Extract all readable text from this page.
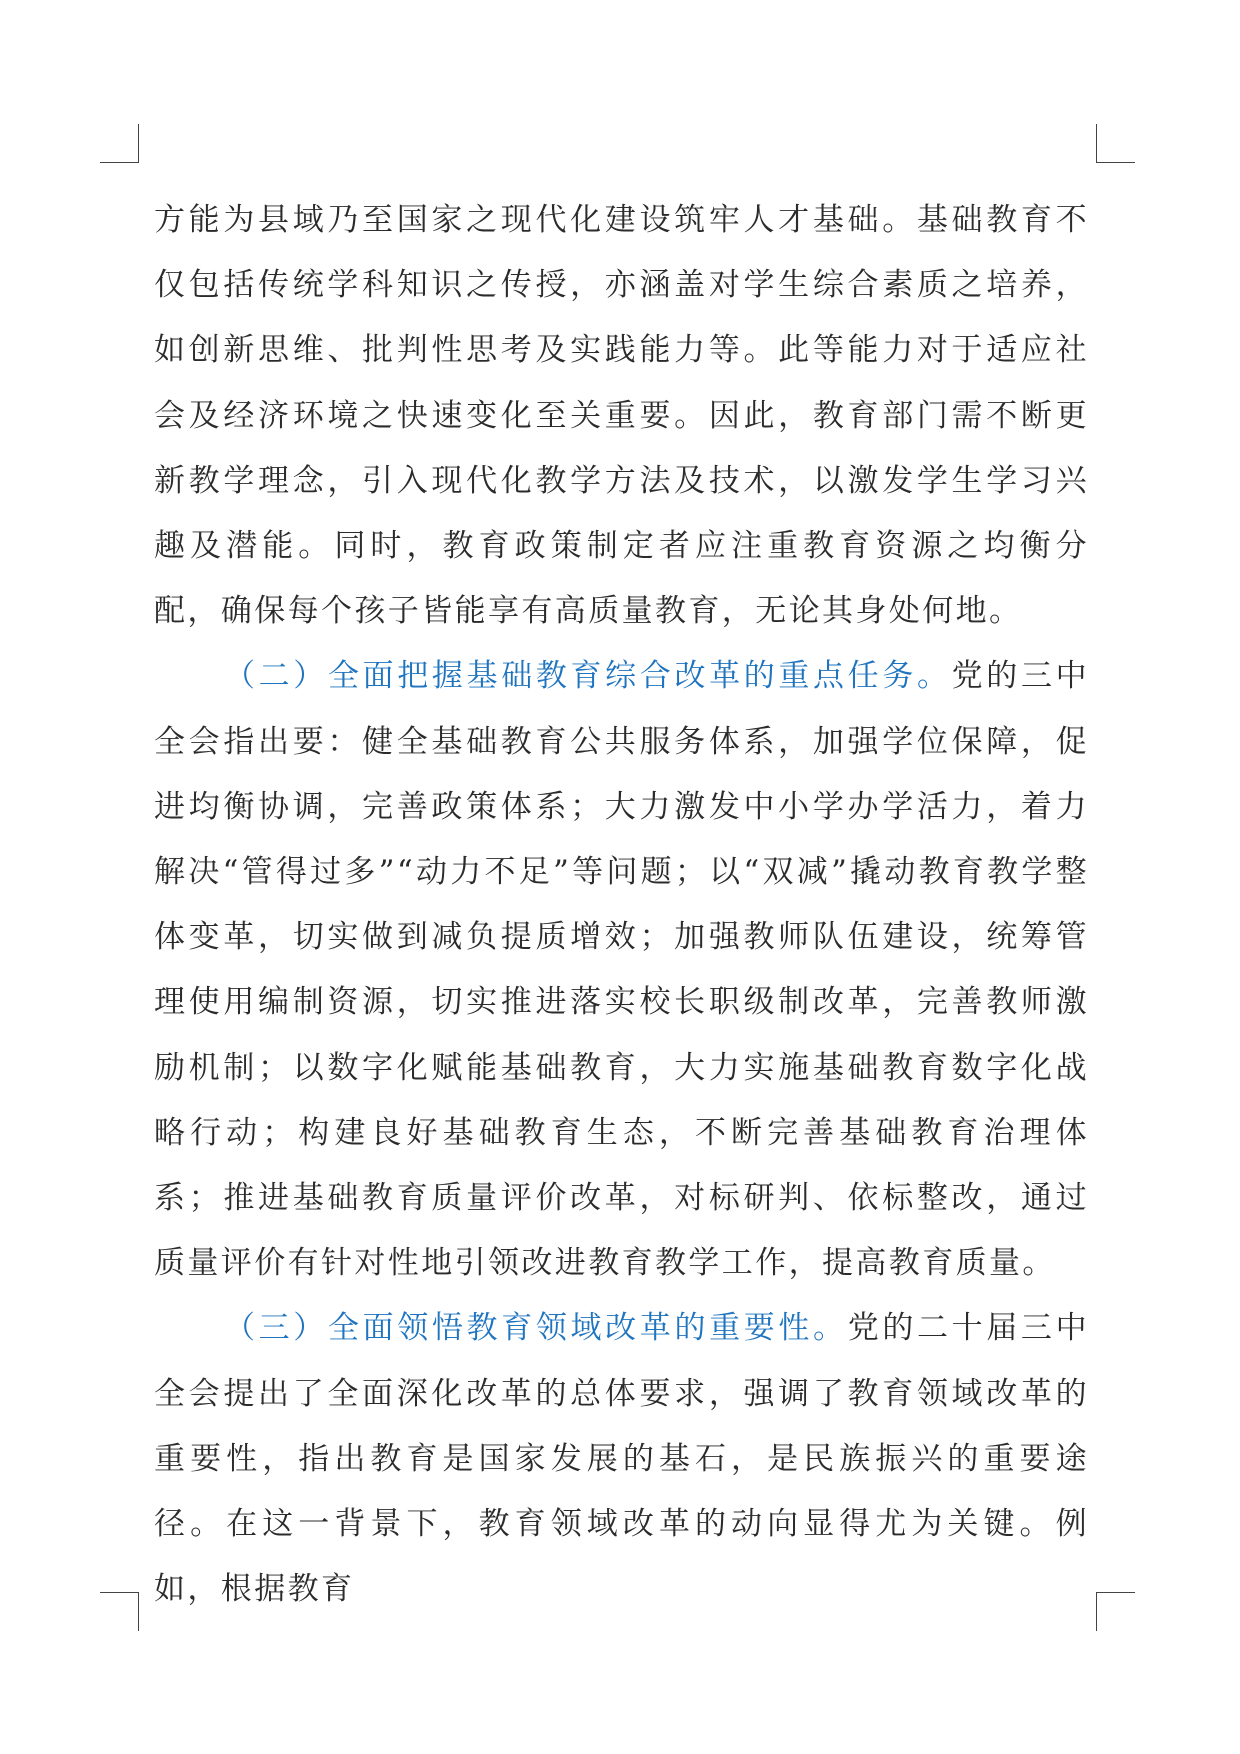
方能为县域乃至国家之现代化建设筑牢人才基础。基础教育不仅包括传统学科知识之传授，亦涵盖对学生综合素质之培养，如创新思维、批判性思考及实践能力等。此等能力对于适应社会及经济环境之快速变化至关重要。因此，教育部门需不断更新教学理念，引入现代化教学方法及技术，以激发学生学习兴趣及潜能。同时，教育政策制定者应注重教育资源之均衡分配，确保每个孩子皆能享有高质量教育，无论其身处何地。

（二）全面把握基础教育综合改革的重点任务。党的三中全会指出要：健全基础教育公共服务体系，加强学位保障，促进均衡协调，完善政策体系；大力激发中小学办学活力，着力解决“管得过多”“动力不足”等问题；以“双减”撬动教育教学整体变革，切实做到减负提质增效；加强教师队伍建设，统筹管理使用编制资源，切实推进落实校长职级制改革，完善教师激励机制；以数字化赋能基础教育，大力实施基础教育数字化战略行动；构建良好基础教育生态，不断完善基础教育治理体系；推进基础教育质量评价改革，对标研判、依标整改，通过质量评价有针对性地引领改进教育教学工作，提高教育质量。

（三）全面领悟教育领域改革的重要性。党的二十届三中全会提出了全面深化改革的总体要求，强调了教育领域改革的重要性，指出教育是国家发展的基石，是民族振兴的重要途径。在这一背景下，教育领域改革的动向显得尤为关键。例如，根据教育
